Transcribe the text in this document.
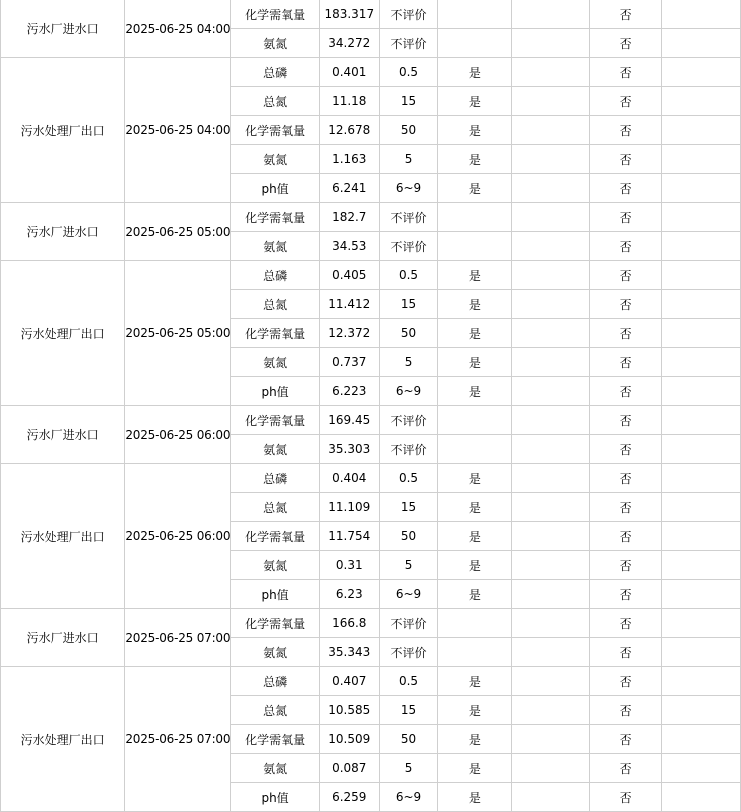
污水厂进水口	2025-06-25 04:00	化学需氧量	183.317	不评价			否	
		氨氮	34.272	不评价			否	
污水处理厂出口	2025-06-25 04:00	总磷	0.401	0.5	是		否	
		总氮	11.18	15	是		否	
		化学需氧量	12.678	50	是		否	
		氨氮	1.163	5	是		否	
		ph值	6.241	6~9	是		否	
污水厂进水口	2025-06-25 05:00	化学需氧量	182.7	不评价			否	
		氨氮	34.53	不评价			否	
污水处理厂出口	2025-06-25 05:00	总磷	0.405	0.5	是		否	
		总氮	11.412	15	是		否	
		化学需氧量	12.372	50	是		否	
		氨氮	0.737	5	是		否	
		ph值	6.223	6~9	是		否	
污水厂进水口	2025-06-25 06:00	化学需氧量	169.45	不评价			否	
		氨氮	35.303	不评价			否	
污水处理厂出口	2025-06-25 06:00	总磷	0.404	0.5	是		否	
		总氮	11.109	15	是		否	
		化学需氧量	11.754	50	是		否	
		氨氮	0.31	5	是		否	
		ph值	6.23	6~9	是		否	
污水厂进水口	2025-06-25 07:00	化学需氧量	166.8	不评价			否	
		氨氮	35.343	不评价			否	
污水处理厂出口	2025-06-25 07:00	总磷	0.407	0.5	是		否	
		总氮	10.585	15	是		否	
		化学需氧量	10.509	50	是		否	
		氨氮	0.087	5	是		否	
		ph值	6.259	6~9	是		否	
